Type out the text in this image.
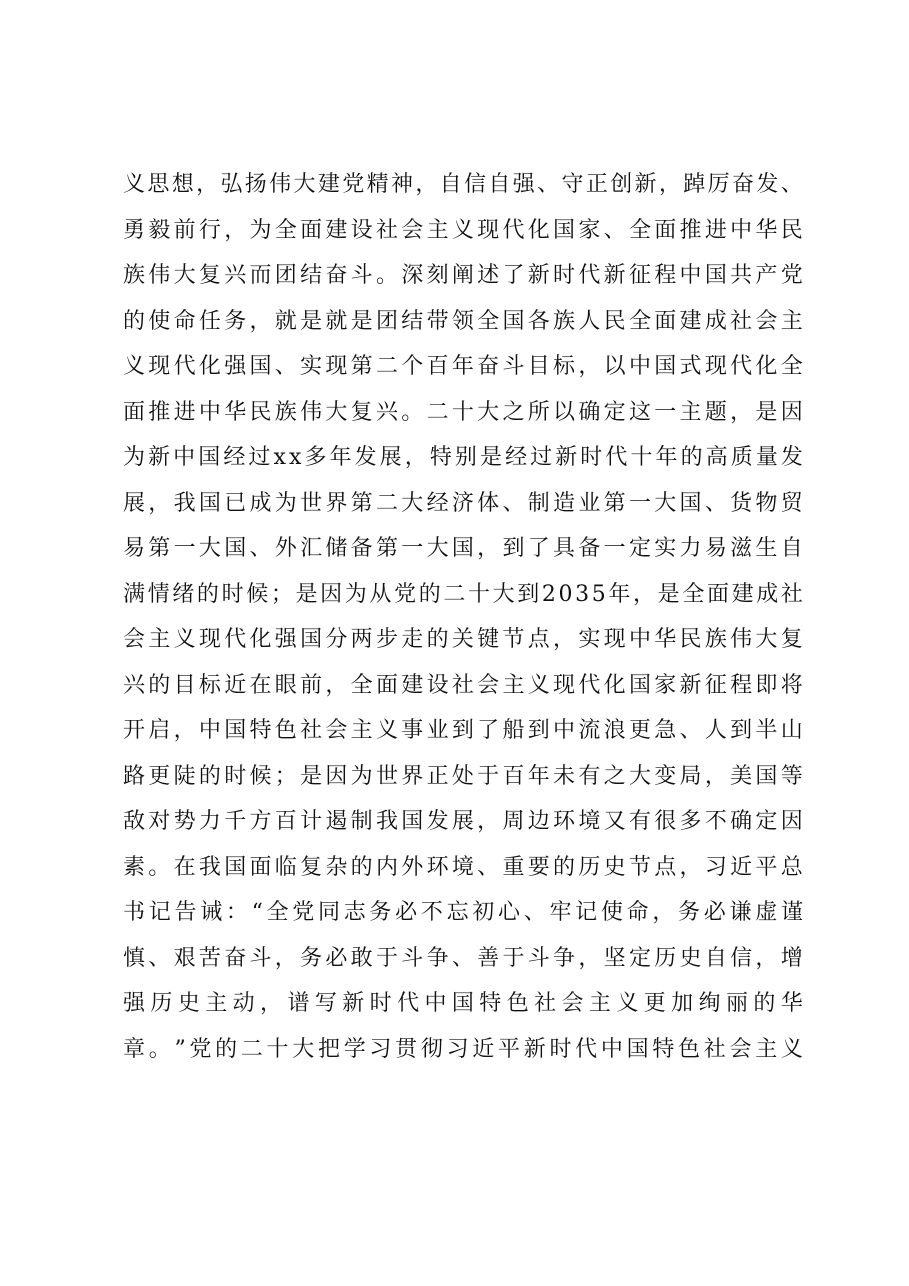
义 思 想 ， 弘 扬 伟 大 建 党 精 神 ， 自 信 自 强 、 守 正 创 新 ， 踔 厉 奋 发 、
勇 毅 前 行 ， 为 全 面 建 设 社 会 主 义 现 代 化 国 家 、 全 面 推 进 中 华 民
族 伟 大 复 兴 而 团 结 奋 斗 。 深 刻 阐 述 了 新 时 代 新 征 程 中 国 共 产 党
的 使 命 任 务 ， 就 是 就 是 团 结 带 领 全 国 各 族 人 民 全 面 建 成 社 会 主
义 现 代 化 强 国 、 实 现 第 二 个 百 年 奋 斗 目 标 ， 以 中 国 式 现 代 化 全
面 推 进 中 华 民 族 伟 大 复 兴 。 二 十 大 之 所 以 确 定 这 一 主 题 ， 是 因
为 新 中 国 经 过 x x 多 年 发 展 ， 特 别 是 经 过 新 时 代 十 年 的 高 质 量 发
展 ， 我 国 已 成 为 世 界 第 二 大 经 济 体 、 制 造 业 第 一 大 国 、 货 物 贸
易 第 一 大 国 、 外 汇 储 备 第 一 大 国 ， 到 了 具 备 一 定 实 力 易 滋 生 自
满 情 绪 的 时 候 ； 是 因 为 从 党 的 二 十 大 到 2 0 3 5 年 ， 是 全 面 建 成 社
会 主 义 现 代 化 强 国 分 两 步 走 的 关 键 节 点 ， 实 现 中 华 民 族 伟 大 复
兴 的 目 标 近 在 眼 前 ， 全 面 建 设 社 会 主 义 现 代 化 国 家 新 征 程 即 将
开 启 ， 中 国 特 色 社 会 主 义 事 业 到 了 船 到 中 流 浪 更 急 、 人 到 半 山
路 更 陡 的 时 候 ； 是 因 为 世 界 正 处 于 百 年 未 有 之 大 变 局 ， 美 国 等
敌 对 势 力 千 方 百 计 遏 制 我 国 发 展 ， 周 边 环 境 又 有 很 多 不 确 定 因
素 。 在 我 国 面 临 复 杂 的 内 外 环 境 、 重 要 的 历 史 节 点 ， 习 近 平 总
书 记 告 诫 ： “ 全 党 同 志 务 必 不 忘 初 心 、 牢 记 使 命 ， 务 必 谦 虚 谨
慎 、 艰 苦 奋 斗 ， 务 必 敢 于 斗 争 、 善 于 斗 争 ， 坚 定 历 史 自 信 ， 增
强 历 史 主 动 ， 谱 写 新 时 代 中 国 特 色 社 会 主 义 更 加 绚 丽 的 华
章 。 ” 党 的 二 十 大 把 学 习 贯 彻 习 近 平 新 时 代 中 国 特 色 社 会 主 义
